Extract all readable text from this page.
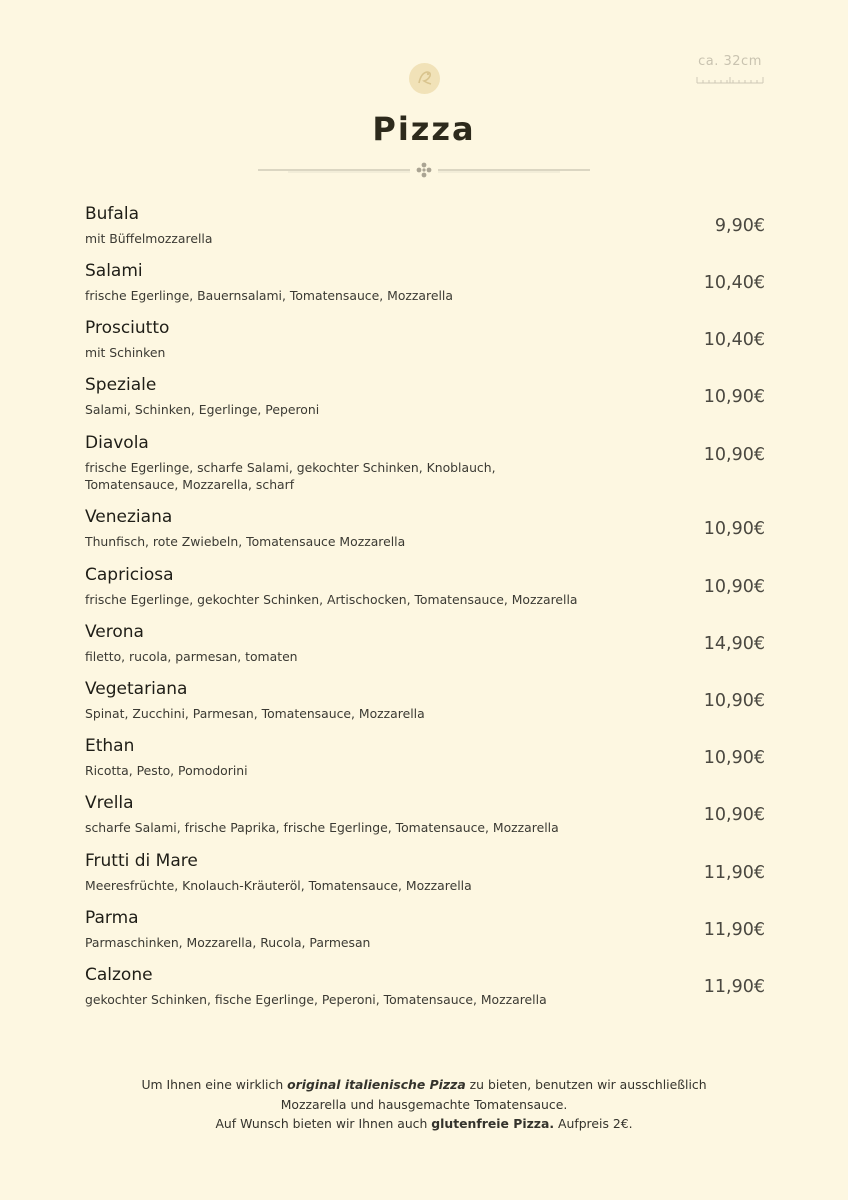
ca. 32cm
Pizza
Bufala
mit Büffelmozzarella
9,90€
Salami
frische Egerlinge, Bauernsalami, Tomatensauce, Mozzarella
10,40€
Prosciutto
mit Schinken
10,40€
Speziale
Salami, Schinken, Egerlinge, Peperoni
10,90€
Diavola
frische Egerlinge, scharfe Salami, gekochter Schinken, Knoblauch, Tomatensauce, Mozzarella, scharf
10,90€
Veneziana
Thunfisch, rote Zwiebeln, Tomatensauce Mozzarella
10,90€
Capriciosa
frische Egerlinge, gekochter Schinken, Artischocken, Tomatensauce, Mozzarella
10,90€
Verona
filetto, rucola, parmesan, tomaten
14,90€
Vegetariana
Spinat, Zucchini, Parmesan, Tomatensauce, Mozzarella
10,90€
Ethan
Ricotta, Pesto, Pomodorini
10,90€
Vrella
scharfe Salami, frische Paprika, frische Egerlinge, Tomatensauce, Mozzarella
10,90€
Frutti di Mare
Meeresfrüchte, Knolauch-Kräuteröl, Tomatensauce, Mozzarella
11,90€
Parma
Parmaschinken, Mozzarella, Rucola, Parmesan
11,90€
Calzone
gekochter Schinken, fische Egerlinge, Peperoni, Tomatensauce, Mozzarella
11,90€
Um Ihnen eine wirklich original italienische Pizza zu bieten, benutzen wir ausschließlich
Mozzarella und hausgemachte Tomatensauce.
Auf Wunsch bieten wir Ihnen auch glutenfreie Pizza. Aufpreis 2€.
